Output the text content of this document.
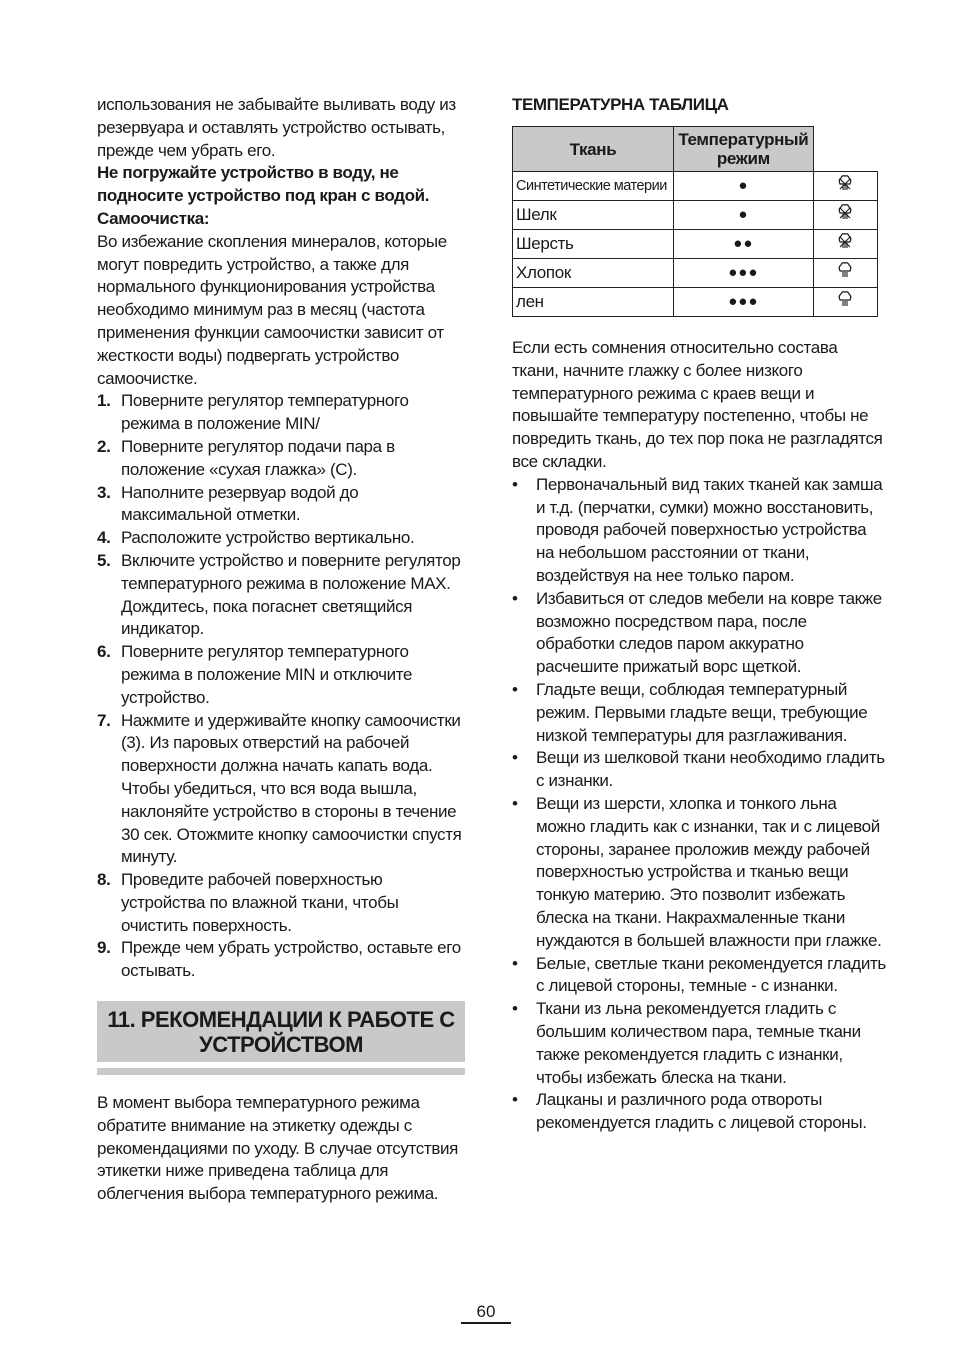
использования не забывайте выливать воду из резервуара и оставлять устройство остывать, прежде чем убрать его.

Не погружайте устройство в воду, не подносите устройство под кран с водой.

Самоочистка:

Во избежание скопления минералов, которые могут повредить устройство, а также для нормального функционирования устройства необходимо минимум раз в месяц (частота применения функции самоочистки зависит от жесткости воды) подвергать устройство самоочистке.

1. Поверните регулятор температурного режима в положение MIN/
2. Поверните регулятор подачи пара в положение «сухая глажка» (C).
3. Наполните резервуар водой до максимальной отметки.
4. Расположите устройство вертикально.
5. Включите устройство и поверните регулятор температурного режима в положение MAX. Дождитесь, пока погаснет светящийся индикатор.
6. Поверните регулятор температурного режима в положение MIN и отключите устройство.
7. Нажмите и удерживайте кнопку самоочистки (3). Из паровых отверстий на рабочей поверхности должна начать капать вода. Чтобы убедиться, что вся вода вышла, наклоняйте устройство в стороны в течение 30 сек. Отожмите кнопку самоочистки спустя минуту.
8. Проведите рабочей поверхностью устройства по влажной ткани, чтобы очистить поверхность.
9. Прежде чем убрать устройство, оставьте его остывать.
11. РЕКОМЕНДАЦИИ К РАБОТЕ С УСТРОЙСТВОМ

В момент выбора температурного режима обратите внимание на этикетку одежды с рекомендациями по уходу. В случае отсутствия этикетки ниже приведена таблица для облегчения выбора температурного режима.

ТЕМПЕРАТУРНА ТАБЛИЦА
Ткань	Температурный режим	
Синтетические материи	●	
Шелк	●	
Шерсть	●●	
Хлопок	●●●	
лен	●●●	

Если есть сомнения относительно состава ткани, начните глажку с более низкого температурного режима с краев вещи и повышайте температуру постепенно, чтобы не повредить ткань, до тех пор пока не разгладятся все складки.

• Первоначальный вид таких тканей как замша и т.д. (перчатки, сумки) можно восстановить, проводя рабочей поверхностью устройства на небольшом расстоянии от ткани, воздействуя на нее только паром.
• Избавиться от следов мебели на ковре также возможно посредством пара, после обработки следов паром аккуратно расчешите прижатый ворс щеткой.
• Гладьте вещи, соблюдая температурный режим. Первыми гладьте вещи, требующие низкой температуры для разглаживания.
• Вещи из шелковой ткани необходимо гладить с изнанки.
• Вещи из шерсти, хлопка и тонкого льна можно гладить как с изнанки, так и с лицевой стороны, заранее проложив между рабочей поверхностью устройства и тканью вещи тонкую материю. Это позволит избежать блеска на ткани. Накрахмаленные ткани нуждаются в большей влажности при глажке.
• Белые, светлые ткани рекомендуется гладить с лицевой стороны, темные - с изнанки.
• Ткани из льна рекомендуется гладить с большим количеством пара, темные ткани также рекомендуется гладить с изнанки, чтобы избежать блеска на ткани.
• Лацканы и различного рода отвороты рекомендуется гладить с лицевой стороны.
60
